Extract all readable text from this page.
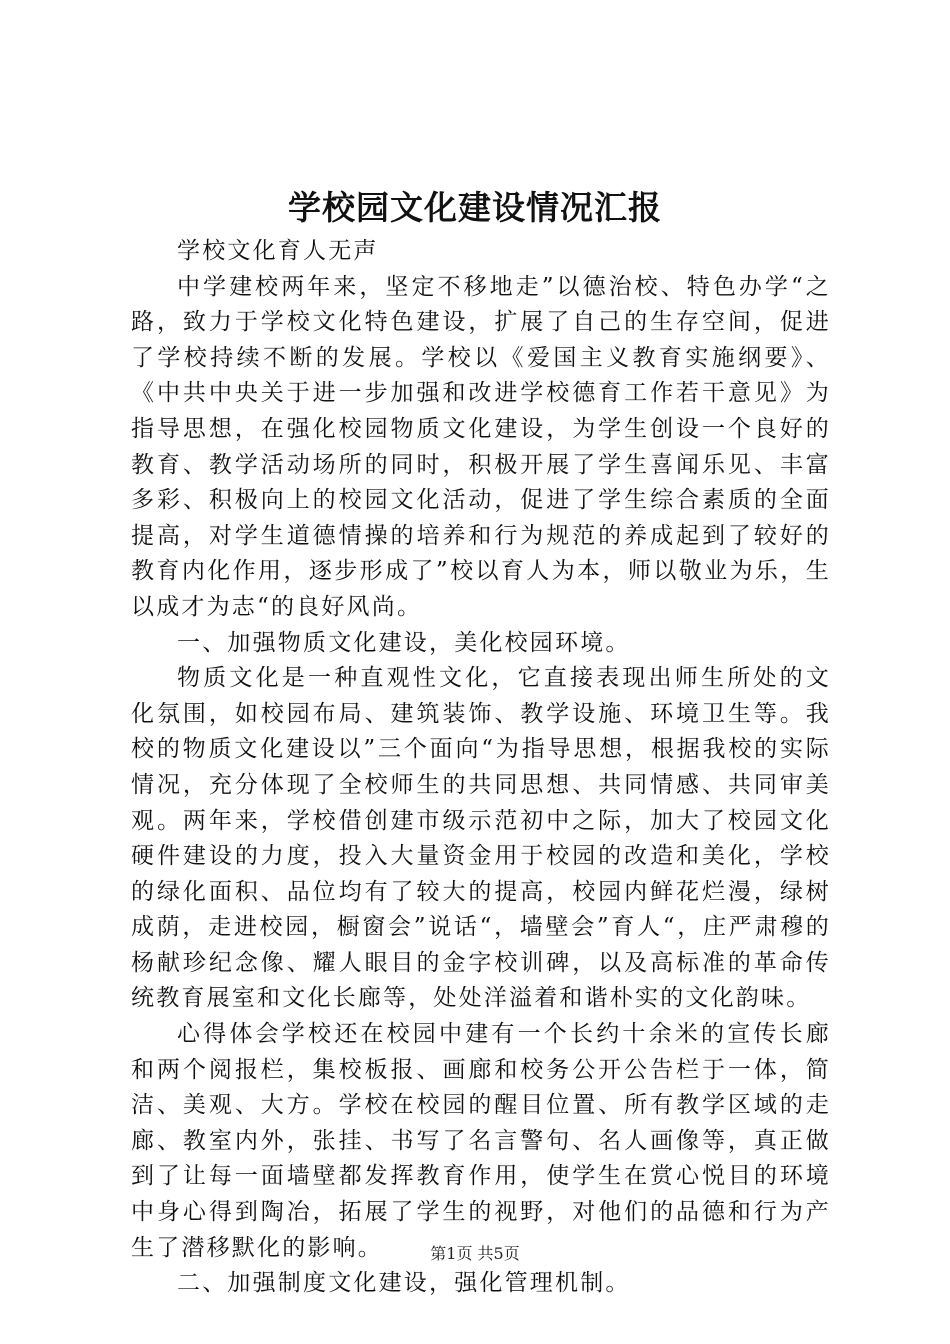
学校园文化建设情况汇报

学校文化育人无声

中学建校两年来，坚定不移地走”以德治校、特色办学“之路，致力于学校文化特色建设，扩展了自己的生存空间，促进了学校持续不断的发展。学校以《爱国主义教育实施纲要》、《中共中央关于进一步加强和改进学校德育工作若干意见》为指导思想，在强化校园物质文化建设，为学生创设一个良好的教育、教学活动场所的同时，积极开展了学生喜闻乐见、丰富多彩、积极向上的校园文化活动，促进了学生综合素质的全面提高，对学生道德情操的培养和行为规范的养成起到了较好的教育内化作用，逐步形成了”校以育人为本，师以敬业为乐，生以成才为志“的良好风尚。

一、加强物质文化建设，美化校园环境。

物质文化是一种直观性文化，它直接表现出师生所处的文化氛围，如校园布局、建筑装饰、教学设施、环境卫生等。我校的物质文化建设以”三个面向“为指导思想，根据我校的实际情况，充分体现了全校师生的共同思想、共同情感、共同审美观。两年来，学校借创建市级示范初中之际，加大了校园文化硬件建设的力度，投入大量资金用于校园的改造和美化，学校的绿化面积、品位均有了较大的提高，校园内鲜花烂漫，绿树成荫，走进校园，橱窗会”说话“，墙壁会”育人“，庄严肃穆的杨献珍纪念像、耀人眼目的金字校训碑，以及高标准的革命传统教育展室和文化长廊等，处处洋溢着和谐朴实的文化韵味。

心得体会学校还在校园中建有一个长约十余米的宣传长廊和两个阅报栏，集校板报、画廊和校务公开公告栏于一体，简洁、美观、大方。学校在校园的醒目位置、所有教学区域的走廊、教室内外，张挂、书写了名言警句、名人画像等，真正做到了让每一面墙壁都发挥教育作用，使学生在赏心悦目的环境中身心得到陶冶，拓展了学生的视野，对他们的品德和行为产生了潜移默化的影响。

二、加强制度文化建设，强化管理机制。

第1页 共5页
